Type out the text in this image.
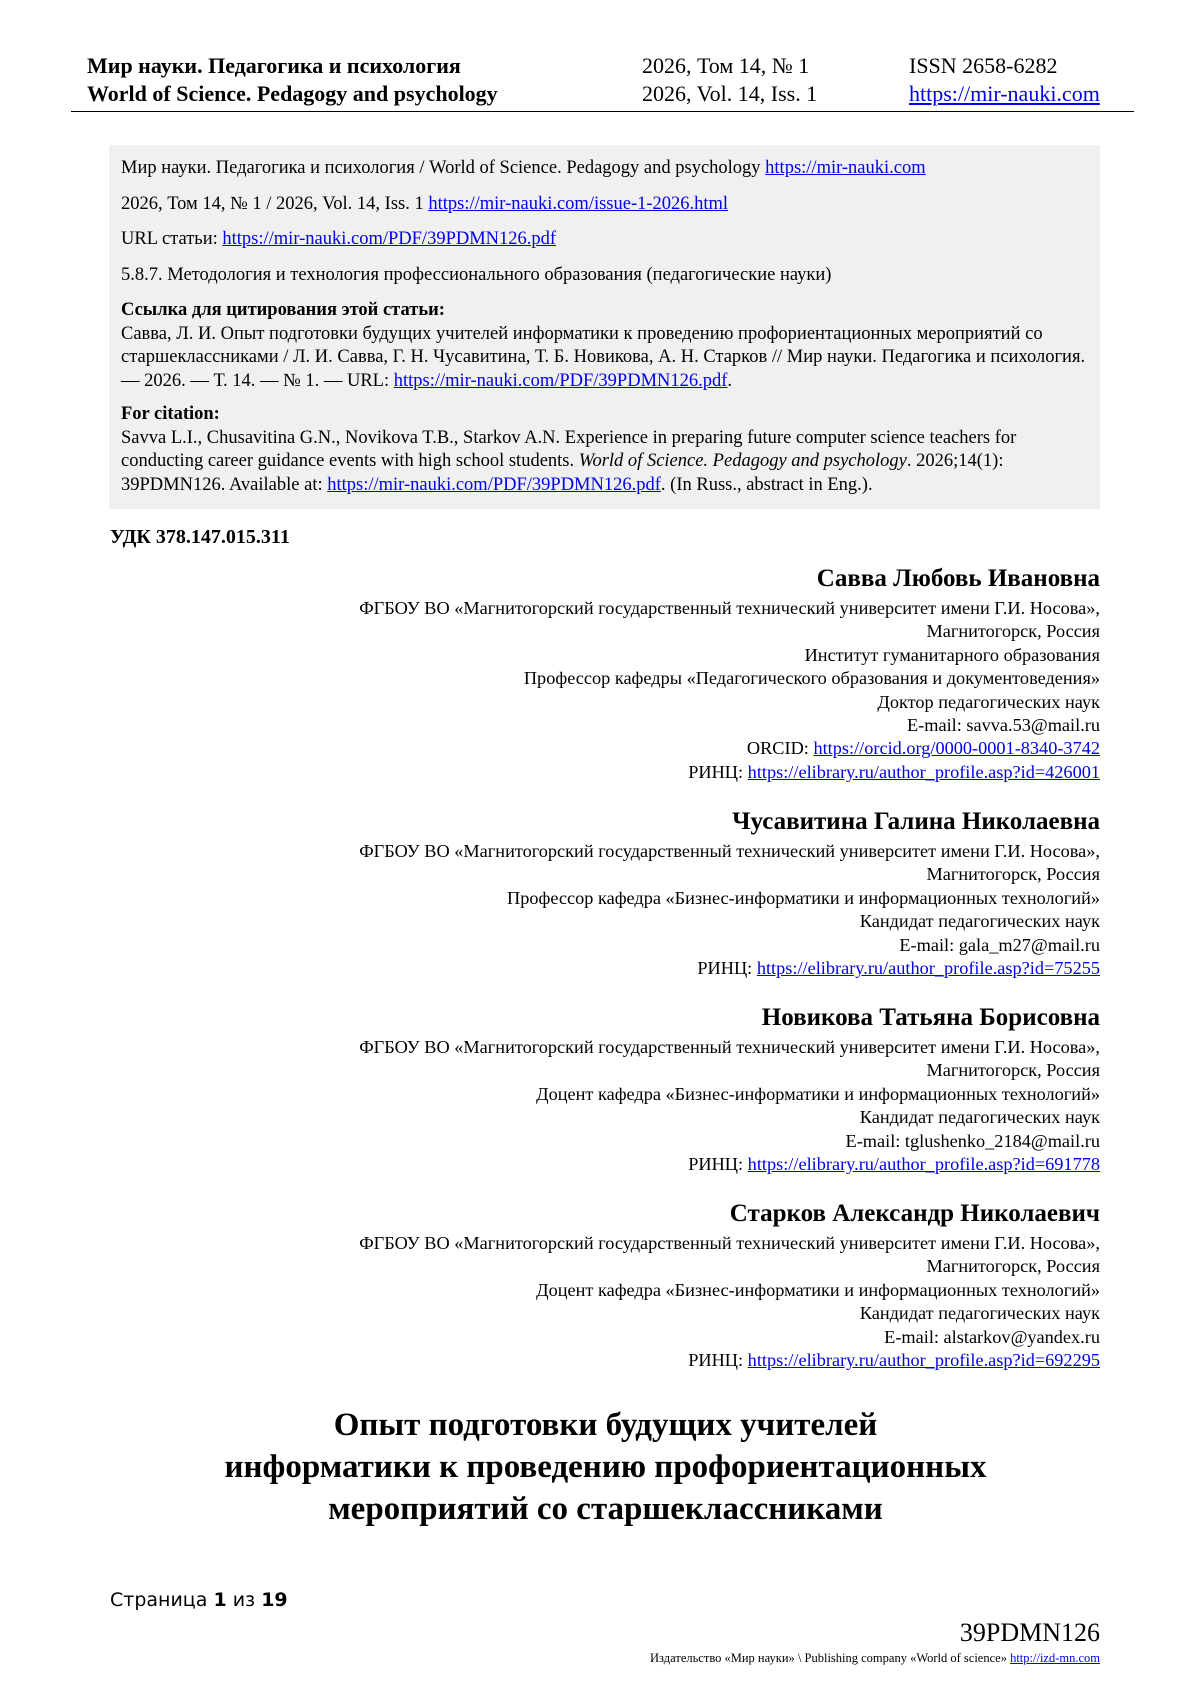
Мир науки. Педагогика и психология	2026, Том 14, № 1	ISSN 2658-6282
World of Science. Pedagogy and psychology	2026, Vol. 14, Iss. 1	https://mir-nauki.com

Мир науки. Педагогика и психология / World of Science. Pedagogy and psychology https://mir-nauki.com

2026, Том 14, № 1 / 2026, Vol. 14, Iss. 1 https://mir-nauki.com/issue-1-2026.html

URL статьи: https://mir-nauki.com/PDF/39PDMN126.pdf

5.8.7. Методология и технология профессионального образования (педагогические науки)

Ссылка для цитирования этой статьи:
Савва, Л. И. Опыт подготовки будущих учителей информатики к проведению профориентационных мероприятий со старшеклассниками / Л. И. Савва, Г. Н. Чусавитина, Т. Б. Новикова, А. Н. Старков // Мир науки. Педагогика и психология. — 2026. — Т. 14. — № 1. — URL: https://mir-nauki.com/PDF/39PDMN126.pdf.
For citation:
Savva L.I., Chusavitina G.N., Novikova T.B., Starkov A.N. Experience in preparing future computer science teachers for conducting career guidance events with high school students. World of Science. Pedagogy and psychology. 2026;14(1): 39PDMN126. Available at: https://mir-nauki.com/PDF/39PDMN126.pdf. (In Russ., abstract in Eng.).
УДК 378.147.015.311
Савва Любовь Ивановна
ФГБОУ ВО «Магнитогорский государственный технический университет имени Г.И. Носова»,
Магнитогорск, Россия
Институт гуманитарного образования
Профессор кафедры «Педагогического образования и документоведения»
Доктор педагогических наук
E-mail: savva.53@mail.ru
ORCID: https://orcid.org/0000-0001-8340-3742
РИНЦ: https://elibrary.ru/author_profile.asp?id=426001
Чусавитина Галина Николаевна
ФГБОУ ВО «Магнитогорский государственный технический университет имени Г.И. Носова»,
Магнитогорск, Россия
Профессор кафедра «Бизнес-информатики и информационных технологий»
Кандидат педагогических наук
E-mail: gala_m27@mail.ru
РИНЦ: https://elibrary.ru/author_profile.asp?id=75255
Новикова Татьяна Борисовна
ФГБОУ ВО «Магнитогорский государственный технический университет имени Г.И. Носова»,
Магнитогорск, Россия
Доцент кафедра «Бизнес-информатики и информационных технологий»
Кандидат педагогических наук
E-mail: tglushenko_2184@mail.ru
РИНЦ: https://elibrary.ru/author_profile.asp?id=691778
Старков Александр Николаевич
ФГБОУ ВО «Магнитогорский государственный технический университет имени Г.И. Носова»,
Магнитогорск, Россия
Доцент кафедра «Бизнес-информатики и информационных технологий»
Кандидат педагогических наук
E-mail: alstarkov@yandex.ru
РИНЦ: https://elibrary.ru/author_profile.asp?id=692295
Опыт подготовки будущих учителей
информатики к проведению профориентационных
мероприятий со старшеклассниками
Страница 1 из 19
39PDMN126
Издательство «Мир науки» \ Publishing company «World of science» http://izd-mn.com
